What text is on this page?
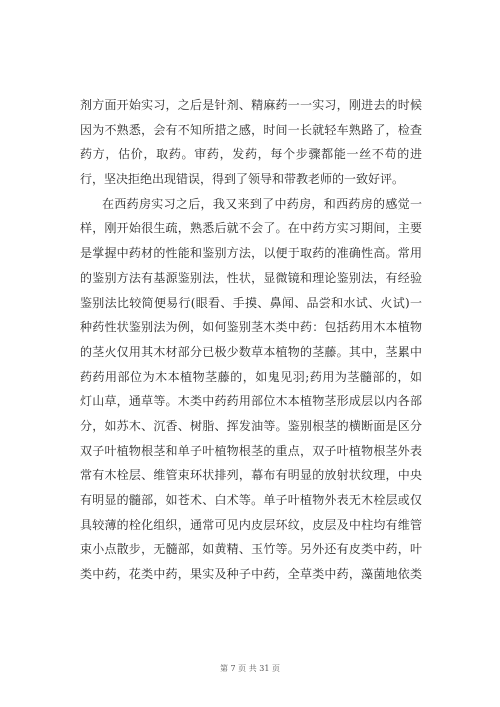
剂方面开始实习，之后是针剂、精麻药一一实习，刚进去的时候
因为不熟悉，会有不知所措之感，时间一长就轻车熟路了，检查
药方，估价，取药。审药，发药，每个步骤都能一丝不苟的进
行，坚决拒绝出现错误，得到了领导和带教老师的一致好评。
在西药房实习之后，我又来到了中药房，和西药房的感觉一
样，刚开始很生疏，熟悉后就不会了。在中药方实习期间，主要
是掌握中药材的性能和鉴别方法，以便于取药的准确性高。常用
的鉴别方法有基源鉴别法，性状，显微镜和理论鉴别法，有经验
鉴别法比较简便易行(眼看、手摸、鼻闻、品尝和水试、火试)一
种药性状鉴别法为例，如何鉴别茎木类中药：包括药用木本植物
的茎火仅用其木材部分已极少数草本植物的茎藤。其中，茎累中
药药用部位为木本植物茎藤的，如鬼见羽;药用为茎髓部的，如
灯山草，通草等。木类中药药用部位木本植物茎形成层以内各部
分，如苏木、沉香、树脂、挥发油等。鉴别根茎的横断面是区分
双子叶植物根茎和单子叶植物根茎的重点，双子叶植物根茎外表
常有木栓层、维管束环状排列，幕布有明显的放射状纹理，中央
有明显的髓部，如苍术、白术等。单子叶植物外表无木栓层或仅
具较薄的栓化组织，通常可见内皮层环纹，皮层及中柱均有维管
束小点散步，无髓部，如黄精、玉竹等。另外还有皮类中药，叶
类中药，花类中药，果实及种子中药，全草类中药，藻菌地依类
第 7 页 共 31 页
